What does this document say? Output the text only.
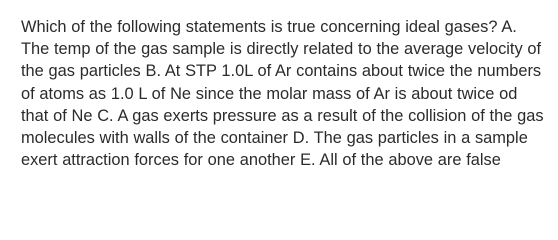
Which of the following statements is true concerning ideal gases? A. The temp of the gas sample is directly related to the average velocity of the gas particles B. At STP 1.0L of Ar contains about twice the numbers of atoms as 1.0 L of Ne since the molar mass of Ar is about twice od that of Ne C. A gas exerts pressure as a result of the collision of the gas molecules with walls of the container D. The gas particles in a sample exert attraction forces for one another E. All of the above are false
